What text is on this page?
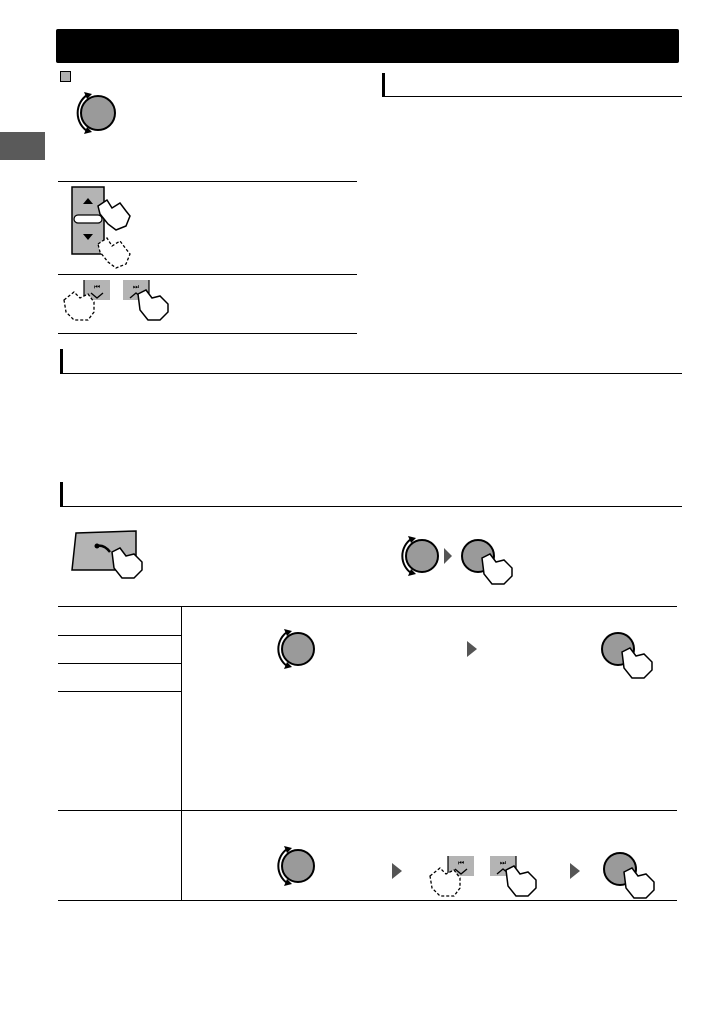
⏮	⏭
⏮	⏭
